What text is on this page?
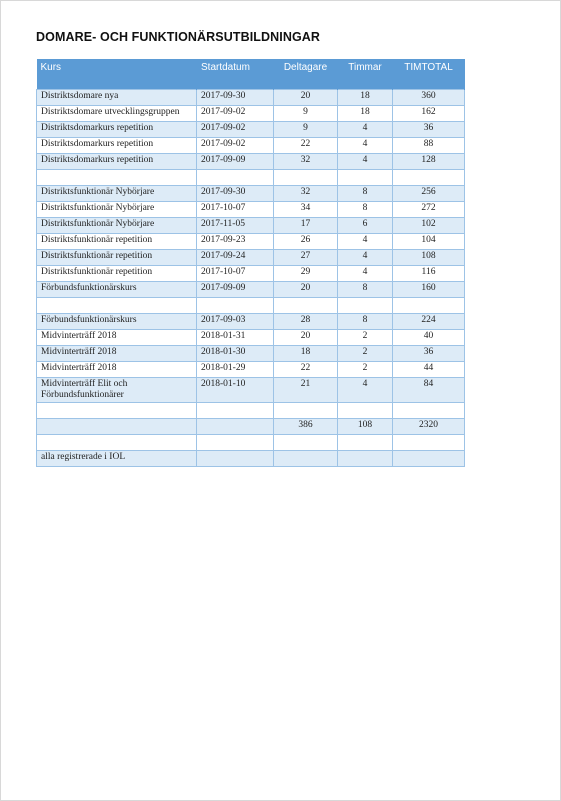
DOMARE- OCH FUNKTIONÄRSUTBILDNINGAR
Kurs	Startdatum	Deltagare	Timmar	TIMTOTAL
Distriktsdomare nya	2017-09-30	20	18	360
Distriktsdomare utvecklingsgruppen	2017-09-02	9	18	162
Distriktsdomarkurs repetition	2017-09-02	9	4	36
Distriktsdomarkurs repetition	2017-09-02	22	4	88
Distriktsdomarkurs repetition	2017-09-09	32	4	128

Distriktsfunktionär Nybörjare	2017-09-30	32	8	256
Distriktsfunktionär Nybörjare	2017-10-07	34	8	272
Distriktsfunktionär Nybörjare	2017-11-05	17	6	102
Distriktsfunktionär repetition	2017-09-23	26	4	104
Distriktsfunktionär repetition	2017-09-24	27	4	108
Distriktsfunktionär repetition	2017-10-07	29	4	116
Förbundsfunktionärskurs	2017-09-09	20	8	160

Förbundsfunktionärskurs	2017-09-03	28	8	224
Midvinterträff 2018	2018-01-31	20	2	40
Midvinterträff 2018	2018-01-30	18	2	36
Midvinterträff 2018	2018-01-29	22	2	44
Midvinterträff Elit och Förbundsfunktionärer	2018-01-10	21	4	84

		386	108	2320

alla registrerade i IOL				
